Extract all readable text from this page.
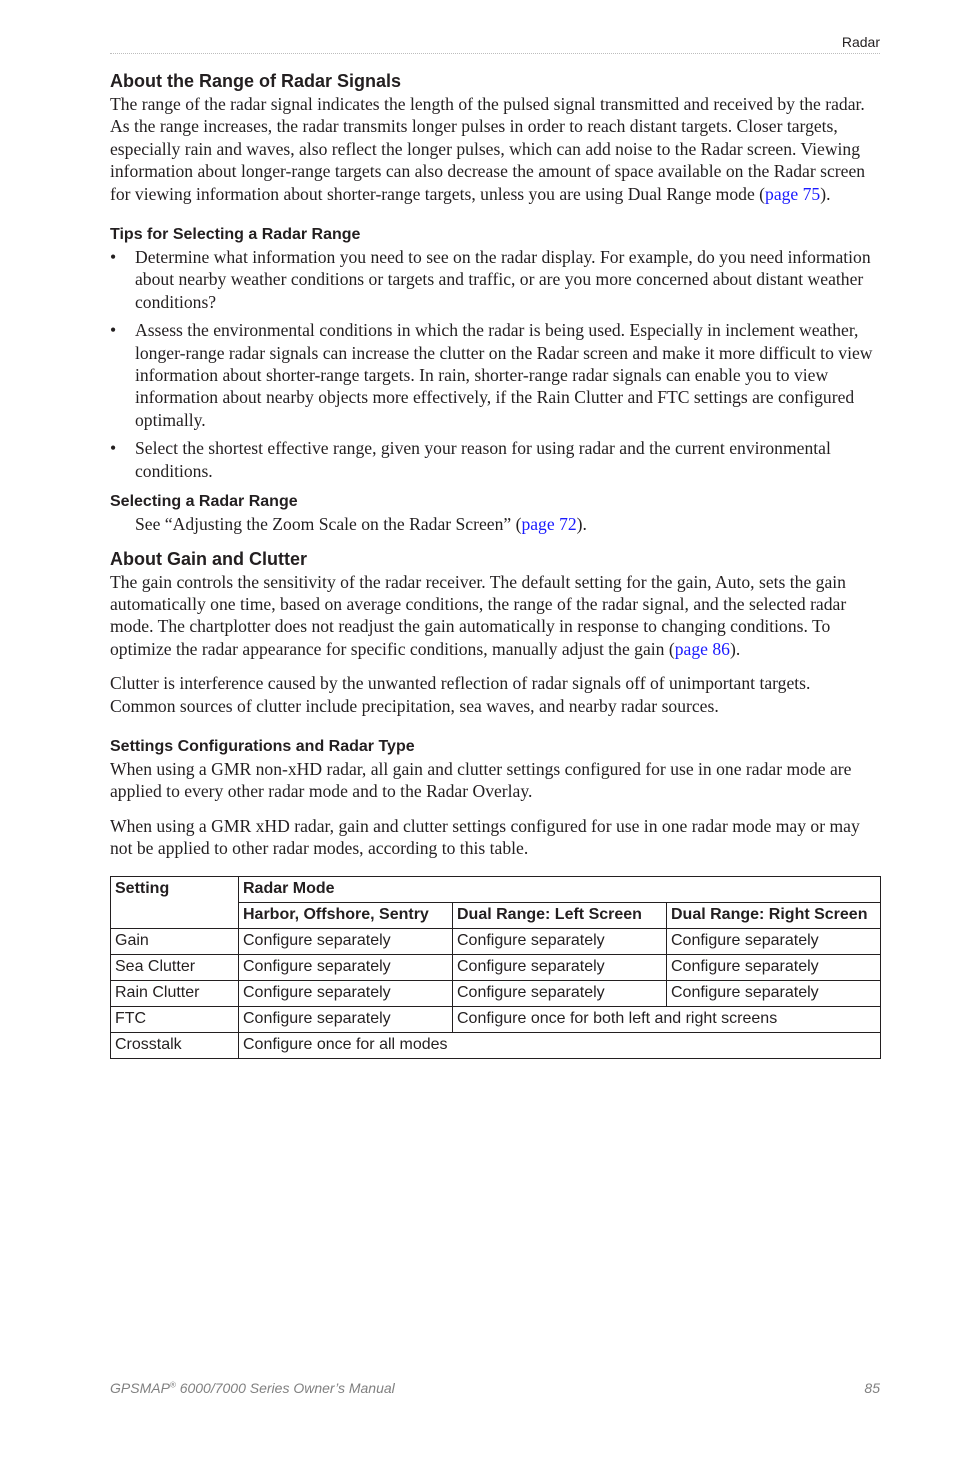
Radar
About the Range of Radar Signals

The range of the radar signal indicates the length of the pulsed signal transmitted and received by the radar. As the range increases, the radar transmits longer pulses in order to reach distant targets. Closer targets, especially rain and waves, also reflect the longer pulses, which can add noise to the Radar screen. Viewing information about longer-range targets can also decrease the amount of space available on the Radar screen for viewing information about shorter-range targets, unless you are using Dual Range mode (page 75).

Tips for Selecting a Radar Range
• Determine what information you need to see on the radar display. For example, do you need information about nearby weather conditions or targets and traffic, or are you more concerned about distant weather conditions?
• Assess the environmental conditions in which the radar is being used. Especially in inclement weather, longer-range radar signals can increase the clutter on the Radar screen and make it more difficult to view information about shorter-range targets. In rain, shorter-range radar signals can enable you to view information about nearby objects more effectively, if the Rain Clutter and FTC settings are configured optimally.
• Select the shortest effective range, given your reason for using radar and the current environmental conditions.
Selecting a Radar Range

See “Adjusting the Zoom Scale on the Radar Screen” (page 72).

About Gain and Clutter

The gain controls the sensitivity of the radar receiver. The default setting for the gain, Auto, sets the gain automatically one time, based on average conditions, the range of the radar signal, and the selected radar mode. The chartplotter does not readjust the gain automatically in response to changing conditions. To optimize the radar appearance for specific conditions, manually adjust the gain (page 86).

Clutter is interference caused by the unwanted reflection of radar signals off of unimportant targets. Common sources of clutter include precipitation, sea waves, and nearby radar sources.

Settings Configurations and Radar Type

When using a GMR non-xHD radar, all gain and clutter settings configured for use in one radar mode are applied to every other radar mode and to the Radar Overlay.

When using a GMR xHD radar, gain and clutter settings configured for use in one radar mode may or may not be applied to other radar modes, according to this table.

Setting	Radar Mode		
	Harbor, Offshore, Sentry	Dual Range: Left Screen	Dual Range: Right Screen
Gain	Configure separately	Configure separately	Configure separately
Sea Clutter	Configure separately	Configure separately	Configure separately
Rain Clutter	Configure separately	Configure separately	Configure separately
FTC	Configure separately	Configure once for both left and right screens	
Crosstalk	Configure once for all modes		
GPSMAP® 6000/7000 Series Owner’s Manual	85
